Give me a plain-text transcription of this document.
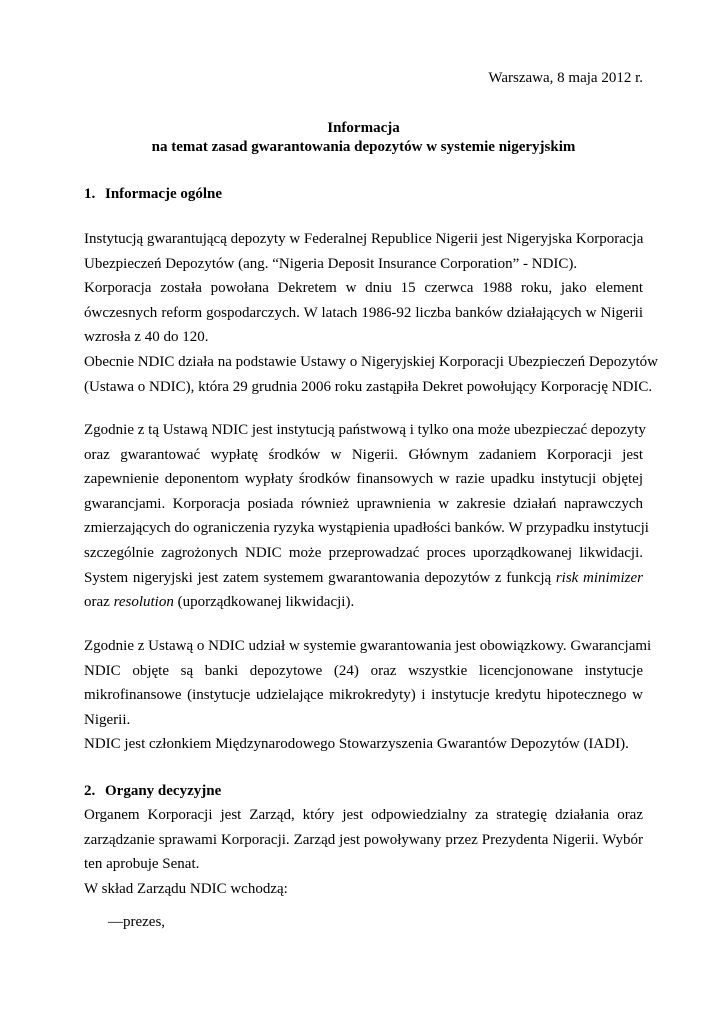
Warszawa, 8 maja 2012 r.
Informacja
na temat zasad gwarantowania depozytów w systemie nigeryjskim
1. Informacje ogólne
Instytucją gwarantującą depozyty w Federalnej Republice Nigerii jest Nigeryjska Korporacja
Ubezpieczeń Depozytów (ang. “Nigeria Deposit Insurance Corporation” - NDIC).
Korporacja została powołana Dekretem w dniu 15 czerwca 1988 roku, jako element
ówczesnych reform gospodarczych. W latach 1986-92 liczba banków działających w Nigerii
wzrosła z 40 do 120.
Obecnie NDIC działa na podstawie Ustawy o Nigeryjskiej Korporacji Ubezpieczeń Depozytów
(Ustawa o NDIC), która 29 grudnia 2006 roku zastąpiła Dekret powołujący Korporację NDIC.
Zgodnie z tą Ustawą NDIC jest instytucją państwową i tylko ona może ubezpieczać depozyty
oraz gwarantować wypłatę środków w Nigerii. Głównym zadaniem Korporacji jest
zapewnienie deponentom wypłaty środków finansowych w razie upadku instytucji objętej
gwarancjami. Korporacja posiada również uprawnienia w zakresie działań naprawczych
zmierzających do ograniczenia ryzyka wystąpienia upadłości banków. W przypadku instytucji
szczególnie zagrożonych NDIC może przeprowadzać proces uporządkowanej likwidacji.
System nigeryjski jest zatem systemem gwarantowania depozytów z funkcją risk minimizer
oraz resolution (uporządkowanej likwidacji).
Zgodnie z Ustawą o NDIC udział w systemie gwarantowania jest obowiązkowy. Gwarancjami
NDIC objęte są banki depozytowe (24) oraz wszystkie licencjonowane instytucje
mikrofinansowe (instytucje udzielające mikrokredyty) i instytucje kredytu hipotecznego w
Nigerii.
NDIC jest członkiem Międzynarodowego Stowarzyszenia Gwarantów Depozytów (IADI).
2. Organy decyzyjne
Organem Korporacji jest Zarząd, który jest odpowiedzialny za strategię działania oraz
zarządzanie sprawami Korporacji. Zarząd jest powoływany przez Prezydenta Nigerii. Wybór
ten aprobuje Senat.
W skład Zarządu NDIC wchodzą:
—prezes,
